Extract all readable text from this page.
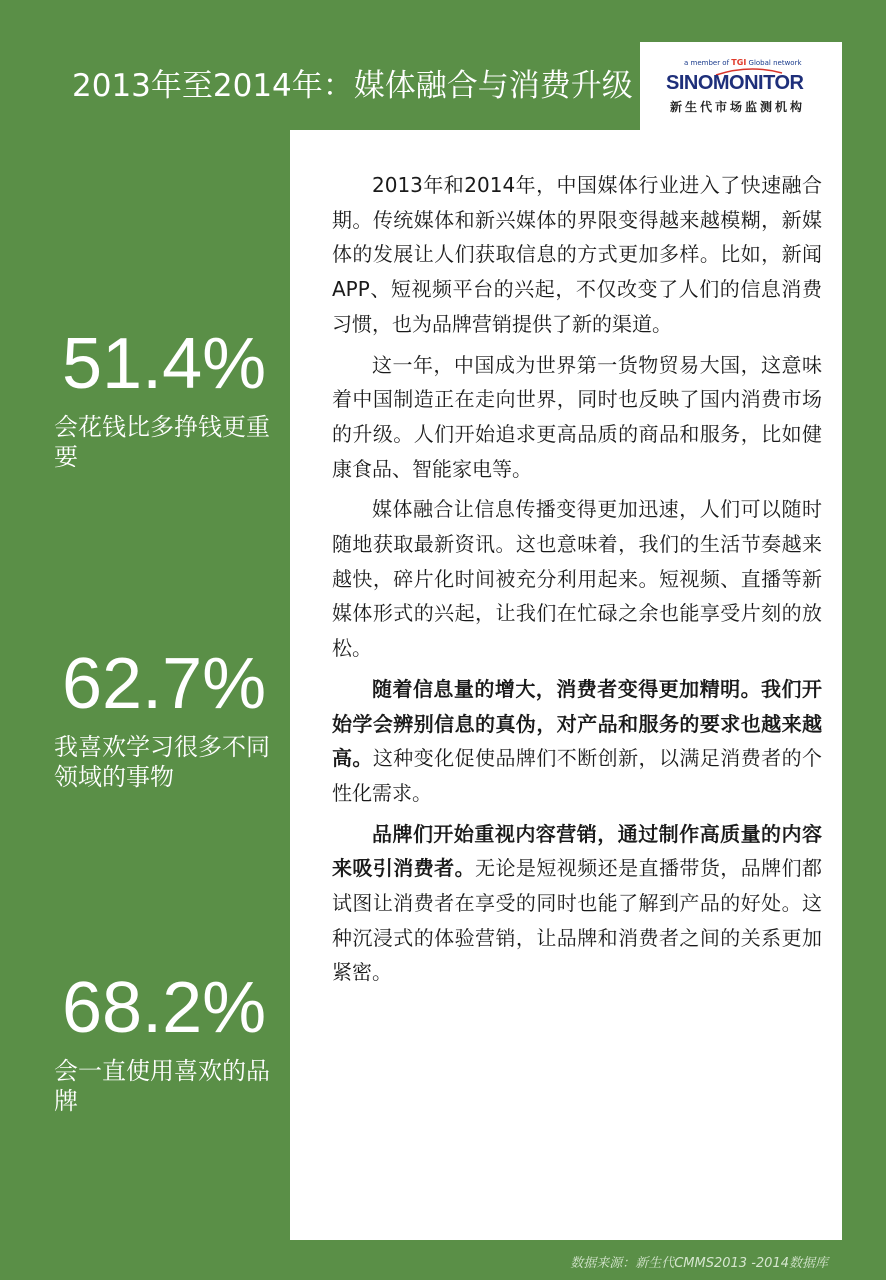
2013年至2014年：媒体融合与消费升级
a member of TGI Global network
SINOMONITOR
新生代市场监测机构
51.4%
会花钱比多挣钱更重要
62.7%
我喜欢学习很多不同领域的事物
68.2%
会一直使用喜欢的品牌

2013年和2014年，中国媒体行业进入了快速融合期。传统媒体和新兴媒体的界限变得越来越模糊，新媒体的发展让人们获取信息的方式更加多样。比如，新闻APP、短视频平台的兴起，不仅改变了人们的信息消费习惯，也为品牌营销提供了新的渠道。

这一年，中国成为世界第一货物贸易大国，这意味着中国制造正在走向世界，同时也反映了国内消费市场的升级。人们开始追求更高品质的商品和服务，比如健康食品、智能家电等。

媒体融合让信息传播变得更加迅速，人们可以随时随地获取最新资讯。这也意味着，我们的生活节奏越来越快，碎片化时间被充分利用起来。短视频、直播等新媒体形式的兴起，让我们在忙碌之余也能享受片刻的放松。

随着信息量的增大，消费者变得更加精明。我们开始学会辨别信息的真伪，对产品和服务的要求也越来越高。这种变化促使品牌们不断创新，以满足消费者的个性化需求。

品牌们开始重视内容营销，通过制作高质量的内容来吸引消费者。无论是短视频还是直播带货，品牌们都试图让消费者在享受的同时也能了解到产品的好处。这种沉浸式的体验营销，让品牌和消费者之间的关系更加紧密。

数据来源：新生代CMMS2013 -2014数据库
